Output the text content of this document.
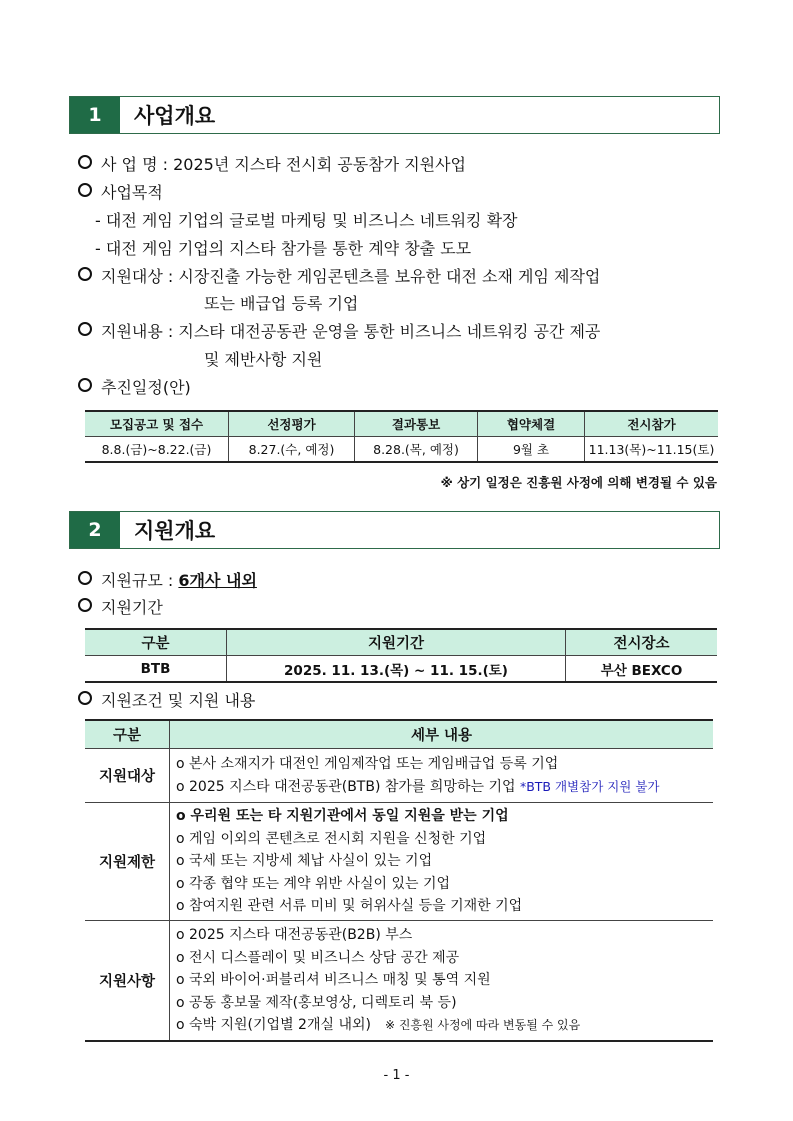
1	사업개요
사 업 명 : 2025년 지스타 전시회 공동참가 지원사업
사업목적
- 대전 게임 기업의 글로벌 마케팅 및 비즈니스 네트워킹 확장
- 대전 게임 기업의 지스타 참가를 통한 계약 창출 도모
지원대상 : 시장진출 가능한 게임콘텐츠를 보유한 대전 소재 게임 제작업
또는 배급업 등록 기업
지원내용 : 지스타 대전공동관 운영을 통한 비즈니스 네트워킹 공간 제공
및 제반사항 지원
추진일정(안)
모집공고 및 접수	선정평가	결과통보	협약체결	전시참가
8.8.(금)~8.22.(금)	8.27.(수, 예정)	8.28.(목, 예정)	9월 초	11.13(목)~11.15(토)
※ 상기 일정은 진흥원 사정에 의해 변경될 수 있음
2	지원개요
지원규모 : 6개사 내외
지원기간
구분	지원기간	전시장소
BTB	2025. 11. 13.(목) ~ 11. 15.(토)	부산 BEXCO
지원조건 및 지원 내용
구분	세부 내용
지원대상	o 본사 소재지가 대전인 게임제작업 또는 게임배급업 등록 기업
o 2025 지스타 대전공동관(BTB) 참가를 희망하는 기업 *BTB 개별참가 지원 불가

지원제한	o 우리원 또는 타 지원기관에서 동일 지원을 받는 기업
o 게임 이외의 콘텐츠로 전시회 지원을 신청한 기업
o 국세 또는 지방세 체납 사실이 있는 기업
o 각종 협약 또는 계약 위반 사실이 있는 기업
o 참여지원 관련 서류 미비 및 허위사실 등을 기재한 기업

지원사항	o 2025 지스타 대전공동관(B2B) 부스
o 전시 디스플레이 및 비즈니스 상담 공간 제공
o 국외 바이어·퍼블리셔 비즈니스 매칭 및 통역 지원
o 공동 홍보물 제작(홍보영상, 디렉토리 북 등)
o 숙박 지원(기업별 2개실 내외) ※ 진흥원 사정에 따라 변동될 수 있음
- 1 -
